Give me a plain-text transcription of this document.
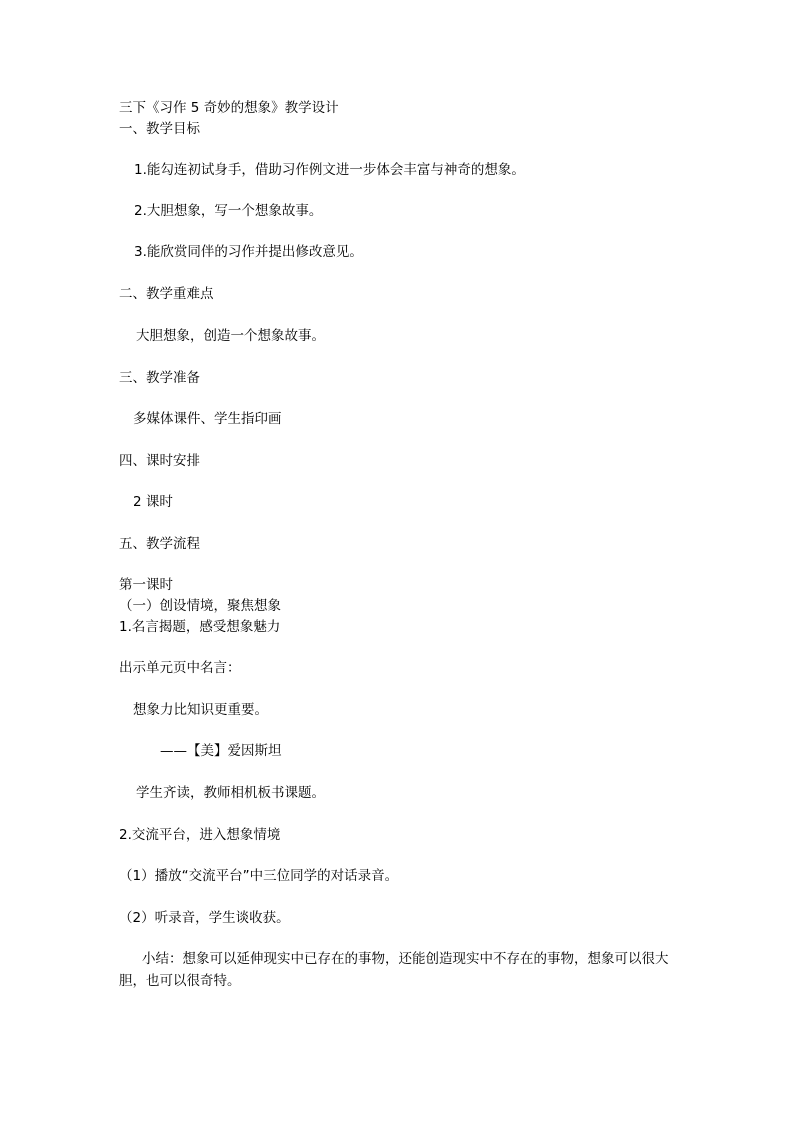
三下《习作 5 奇妙的想象》教学设计
一、教学目标
1.能勾连初试身手，借助习作例文进一步体会丰富与神奇的想象。
2.大胆想象，写一个想象故事。
3.能欣赏同伴的习作并提出修改意见。
二、教学重难点
大胆想象，创造一个想象故事。
三、教学准备
多媒体课件、学生指印画
四、课时安排
2 课时
五、教学流程
第一课时
（一）创设情境，聚焦想象
1.名言揭题，感受想象魅力
出示单元页中名言：
想象力比知识更重要。
——【美】爱因斯坦
学生齐读，教师相机板书课题。
2.交流平台，进入想象情境
（1）播放“交流平台”中三位同学的对话录音。
（2）听录音，学生谈收获。
小结：想象可以延伸现实中已存在的事物，还能创造现实中不存在的事物，想象可以很大胆，也可以很奇特。
